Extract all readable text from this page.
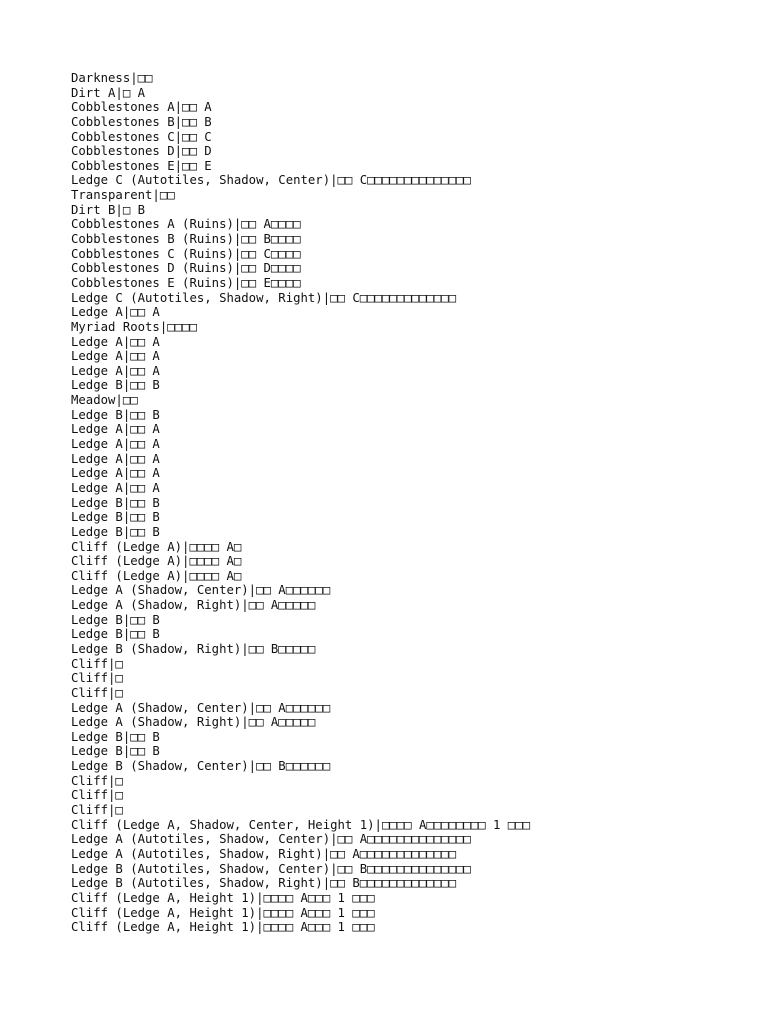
Darkness|□□
Dirt A|□ A
Cobblestones A|□□ A
Cobblestones B|□□ B
Cobblestones C|□□ C
Cobblestones D|□□ D
Cobblestones E|□□ E
Ledge C (Autotiles, Shadow, Center)|□□ C□□□□□□□□□□□□□□
Transparent|□□
Dirt B|□ B
Cobblestones A (Ruins)|□□ A□□□□
Cobblestones B (Ruins)|□□ B□□□□
Cobblestones C (Ruins)|□□ C□□□□
Cobblestones D (Ruins)|□□ D□□□□
Cobblestones E (Ruins)|□□ E□□□□
Ledge C (Autotiles, Shadow, Right)|□□ C□□□□□□□□□□□□□
Ledge A|□□ A
Myriad Roots|□□□□
Ledge A|□□ A
Ledge A|□□ A
Ledge A|□□ A
Ledge B|□□ B
Meadow|□□
Ledge B|□□ B
Ledge A|□□ A
Ledge A|□□ A
Ledge A|□□ A
Ledge A|□□ A
Ledge A|□□ A
Ledge B|□□ B
Ledge B|□□ B
Ledge B|□□ B
Cliff (Ledge A)|□□□□ A□
Cliff (Ledge A)|□□□□ A□
Cliff (Ledge A)|□□□□ A□
Ledge A (Shadow, Center)|□□ A□□□□□□
Ledge A (Shadow, Right)|□□ A□□□□□
Ledge B|□□ B
Ledge B|□□ B
Ledge B (Shadow, Right)|□□ B□□□□□
Cliff|□
Cliff|□
Cliff|□
Ledge A (Shadow, Center)|□□ A□□□□□□
Ledge A (Shadow, Right)|□□ A□□□□□
Ledge B|□□ B
Ledge B|□□ B
Ledge B (Shadow, Center)|□□ B□□□□□□
Cliff|□
Cliff|□
Cliff|□
Cliff (Ledge A, Shadow, Center, Height 1)|□□□□ A□□□□□□□□ 1 □□□
Ledge A (Autotiles, Shadow, Center)|□□ A□□□□□□□□□□□□□□
Ledge A (Autotiles, Shadow, Right)|□□ A□□□□□□□□□□□□□
Ledge B (Autotiles, Shadow, Center)|□□ B□□□□□□□□□□□□□□
Ledge B (Autotiles, Shadow, Right)|□□ B□□□□□□□□□□□□□
Cliff (Ledge A, Height 1)|□□□□ A□□□ 1 □□□
Cliff (Ledge A, Height 1)|□□□□ A□□□ 1 □□□
Cliff (Ledge A, Height 1)|□□□□ A□□□ 1 □□□
